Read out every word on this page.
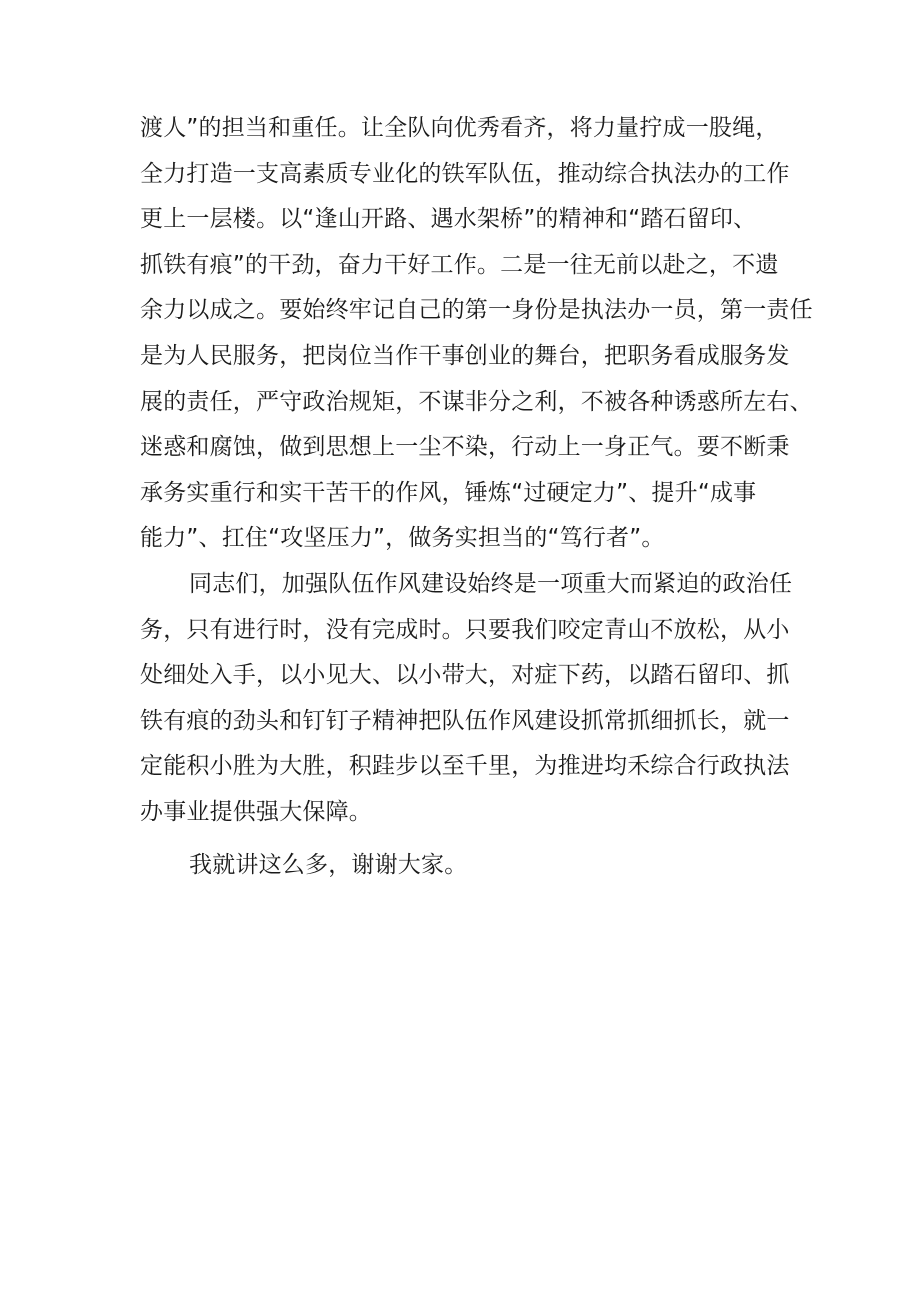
渡人”的担当和重任。让全队向优秀看齐，将力量拧成一股绳，
全力打造一支高素质专业化的铁军队伍，推动综合执法办的工作
更上一层楼。以“逢山开路、遇水架桥”的精神和“踏石留印、
抓铁有痕”的干劲，奋力干好工作。二是一往无前以赴之，不遗
余力以成之。要始终牢记自己的第一身份是执法办一员，第一责任
是为人民服务，把岗位当作干事创业的舞台，把职务看成服务发
展的责任，严守政治规矩，不谋非分之利，不被各种诱惑所左右、
迷惑和腐蚀，做到思想上一尘不染，行动上一身正气。要不断秉
承务实重行和实干苦干的作风，锤炼“过硬定力”、提升“成事
能力”、扛住“攻坚压力”，做务实担当的“笃行者”。
同志们，加强队伍作风建设始终是一项重大而紧迫的政治任
务，只有进行时，没有完成时。只要我们咬定青山不放松，从小
处细处入手，以小见大、以小带大，对症下药，以踏石留印、抓
铁有痕的劲头和钉钉子精神把队伍作风建设抓常抓细抓长，就一
定能积小胜为大胜，积跬步以至千里，为推进均禾综合行政执法
办事业提供强大保障。
我就讲这么多，谢谢大家。
